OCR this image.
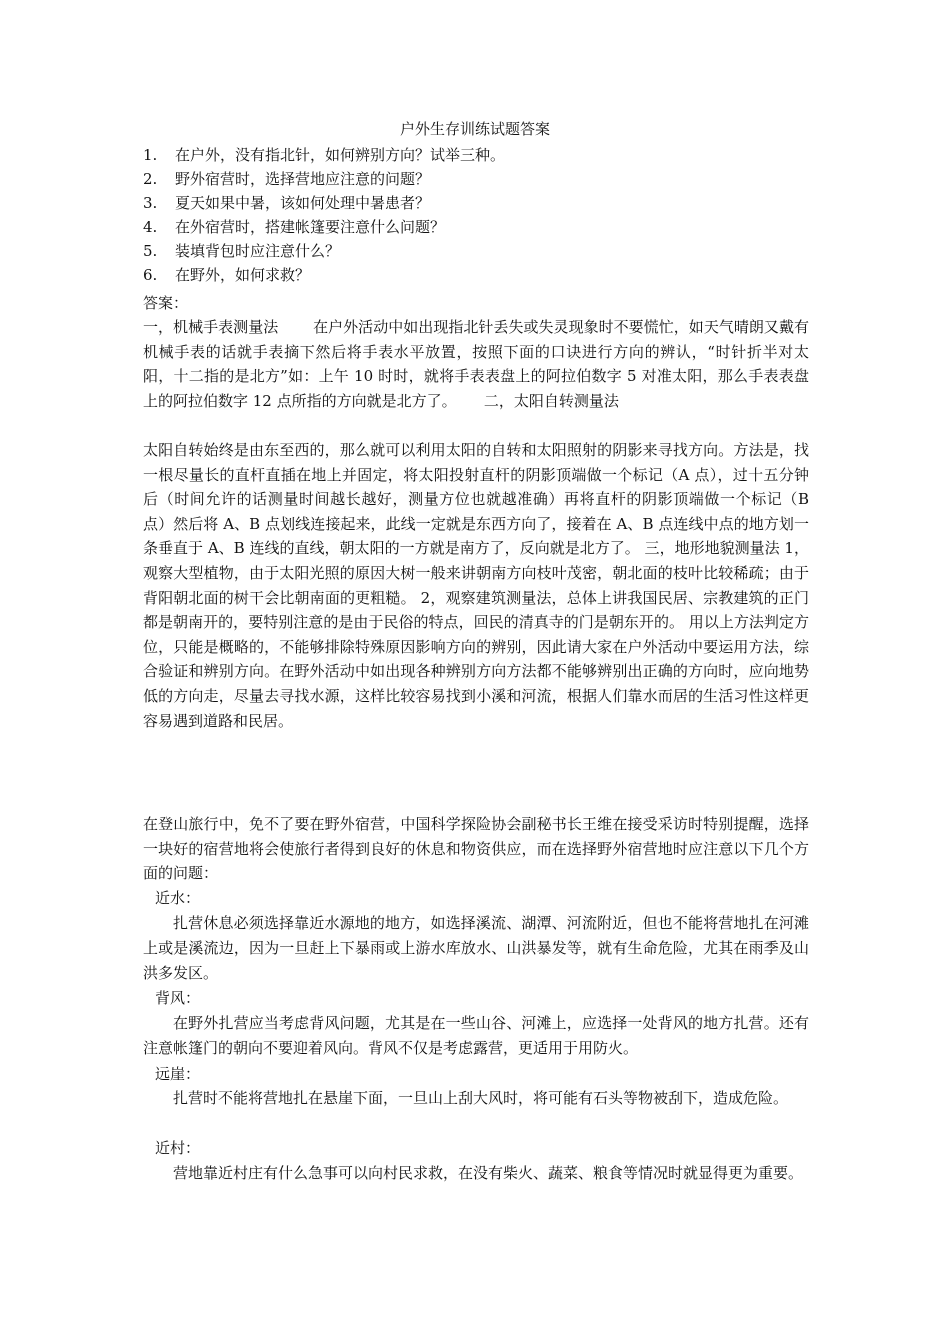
户外生存训练试题答案
1. 在户外，没有指北针，如何辨别方向？试举三种。
2. 野外宿营时，选择营地应注意的问题？
3. 夏天如果中暑，该如何处理中暑患者？
4. 在外宿营时，搭建帐篷要注意什么问题？
5. 装填背包时应注意什么？
6. 在野外，如何求救？
答案：

一，机械手表测量法　　 在户外活动中如出现指北针丢失或失灵现象时不要慌忙，如天气晴朗又戴有机械手表的话就手表摘下然后将手表水平放置，按照下面的口诀进行方向的辨认，“时针折半对太阳，十二指的是北方”如：上午 10 时时，就将手表表盘上的阿拉伯数字 5 对准太阳，那么手表表盘上的阿拉伯数字 12 点所指的方向就是北方了。　　 二，太阳自转测量法

太阳自转始终是由东至西的，那么就可以利用太阳的自转和太阳照射的阴影来寻找方向。方法是，找一根尽量长的直杆直插在地上并固定，将太阳投射直杆的阴影顶端做一个标记（A 点），过十五分钟后（时间允许的话测量时间越长越好，测量方位也就越准确）再将直杆的阴影顶端做一个标记（B 点）然后将 A、B 点划线连接起来，此线一定就是东西方向了，接着在 A、B 点连线中点的地方划一条垂直于 A、B 连线的直线，朝太阳的一方就是南方了，反向就是北方了。 三，地形地貌测量法 1，观察大型植物，由于太阳光照的原因大树一般来讲朝南方向枝叶茂密，朝北面的枝叶比较稀疏；由于背阳朝北面的树干会比朝南面的更粗糙。 2，观察建筑测量法，总体上讲我国民居、宗教建筑的正门都是朝南开的，要特别注意的是由于民俗的特点，回民的清真寺的门是朝东开的。 用以上方法判定方位，只能是概略的，不能够排除特殊原因影响方向的辨别，因此请大家在户外活动中要运用方法，综合验证和辨别方向。在野外活动中如出现各种辨别方向方法都不能够辨别出正确的方向时，应向地势低的方向走，尽量去寻找水源，这样比较容易找到小溪和河流，根据人们靠水而居的生活习性这样更容易遇到道路和民居。

在登山旅行中，免不了要在野外宿营，中国科学探险协会副秘书长王维在接受采访时特别提醒，选择一块好的宿营地将会使旅行者得到良好的休息和物资供应，而在选择野外宿营地时应注意以下几个方面的问题：

近水：

扎营休息必须选择靠近水源地的地方，如选择溪流、湖潭、河流附近，但也不能将营地扎在河滩上或是溪流边，因为一旦赶上下暴雨或上游水库放水、山洪暴发等，就有生命危险，尤其在雨季及山洪多发区。

背风：

在野外扎营应当考虑背风问题，尤其是在一些山谷、河滩上，应选择一处背风的地方扎营。还有注意帐篷门的朝向不要迎着风向。背风不仅是考虑露营，更适用于用防火。

远崖：

扎营时不能将营地扎在悬崖下面，一旦山上刮大风时，将可能有石头等物被刮下，造成危险。

近村：

营地靠近村庄有什么急事可以向村民求救，在没有柴火、蔬菜、粮食等情况时就显得更为重要。
